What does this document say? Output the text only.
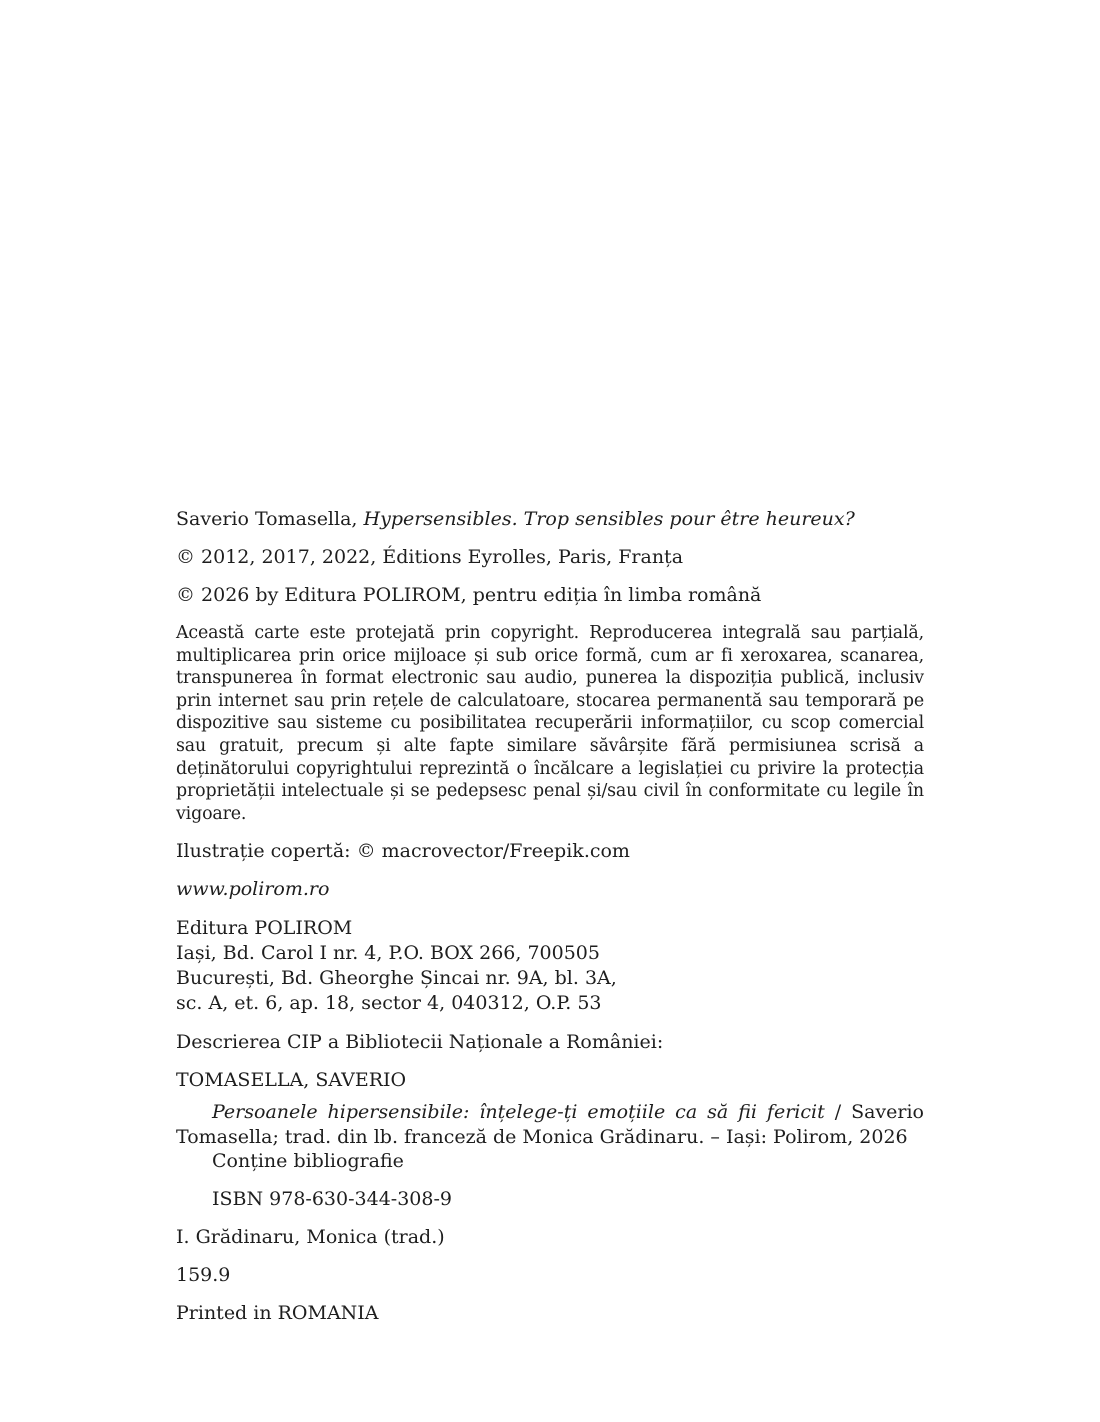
Saverio Tomasella, Hypersensibles. Trop sensibles pour être heureux?

© 2012, 2017, 2022, Éditions Eyrolles, Paris, Franța

© 2026 by Editura POLIROM, pentru ediția în limba română

Această carte este protejată prin copyright. Reproducerea integrală sau parțială, multiplicarea prin orice mijloace și sub orice formă, cum ar fi xeroxarea, scanarea, transpunerea în format electronic sau audio, punerea la dispoziția publică, inclusiv prin internet sau prin rețele de calculatoare, stocarea permanentă sau temporară pe dispozitive sau sisteme cu posibilitatea recuperării informațiilor, cu scop comercial sau gratuit, precum și alte fapte similare săvârșite fără permisiunea scrisă a deținătorului copyrightului reprezintă o încălcare a legislației cu privire la protecția proprietății intelectuale și se pedepsesc penal și/sau civil în conformitate cu legile în vigoare.

Ilustrație copertă: © macrovector/Freepik.com

www.polirom.ro

Editura POLIROM

Iași, Bd. Carol I nr. 4, P.O. BOX 266, 700505

București, Bd. Gheorghe Șincai nr. 9A, bl. 3A,

sc. A, et. 6, ap. 18, sector 4, 040312, O.P. 53

Descrierea CIP a Bibliotecii Naționale a României:

TOMASELLA, SAVERIO

Persoanele hipersensibile: înțelege-ți emoțiile ca să fii fericit / Saverio Tomasella; trad. din lb. franceză de Monica Grădinaru. – Iași: Polirom, 2026

Conține bibliografie

ISBN 978-630-344-308-9

I. Grădinaru, Monica (trad.)

159.9

Printed in ROMANIA
